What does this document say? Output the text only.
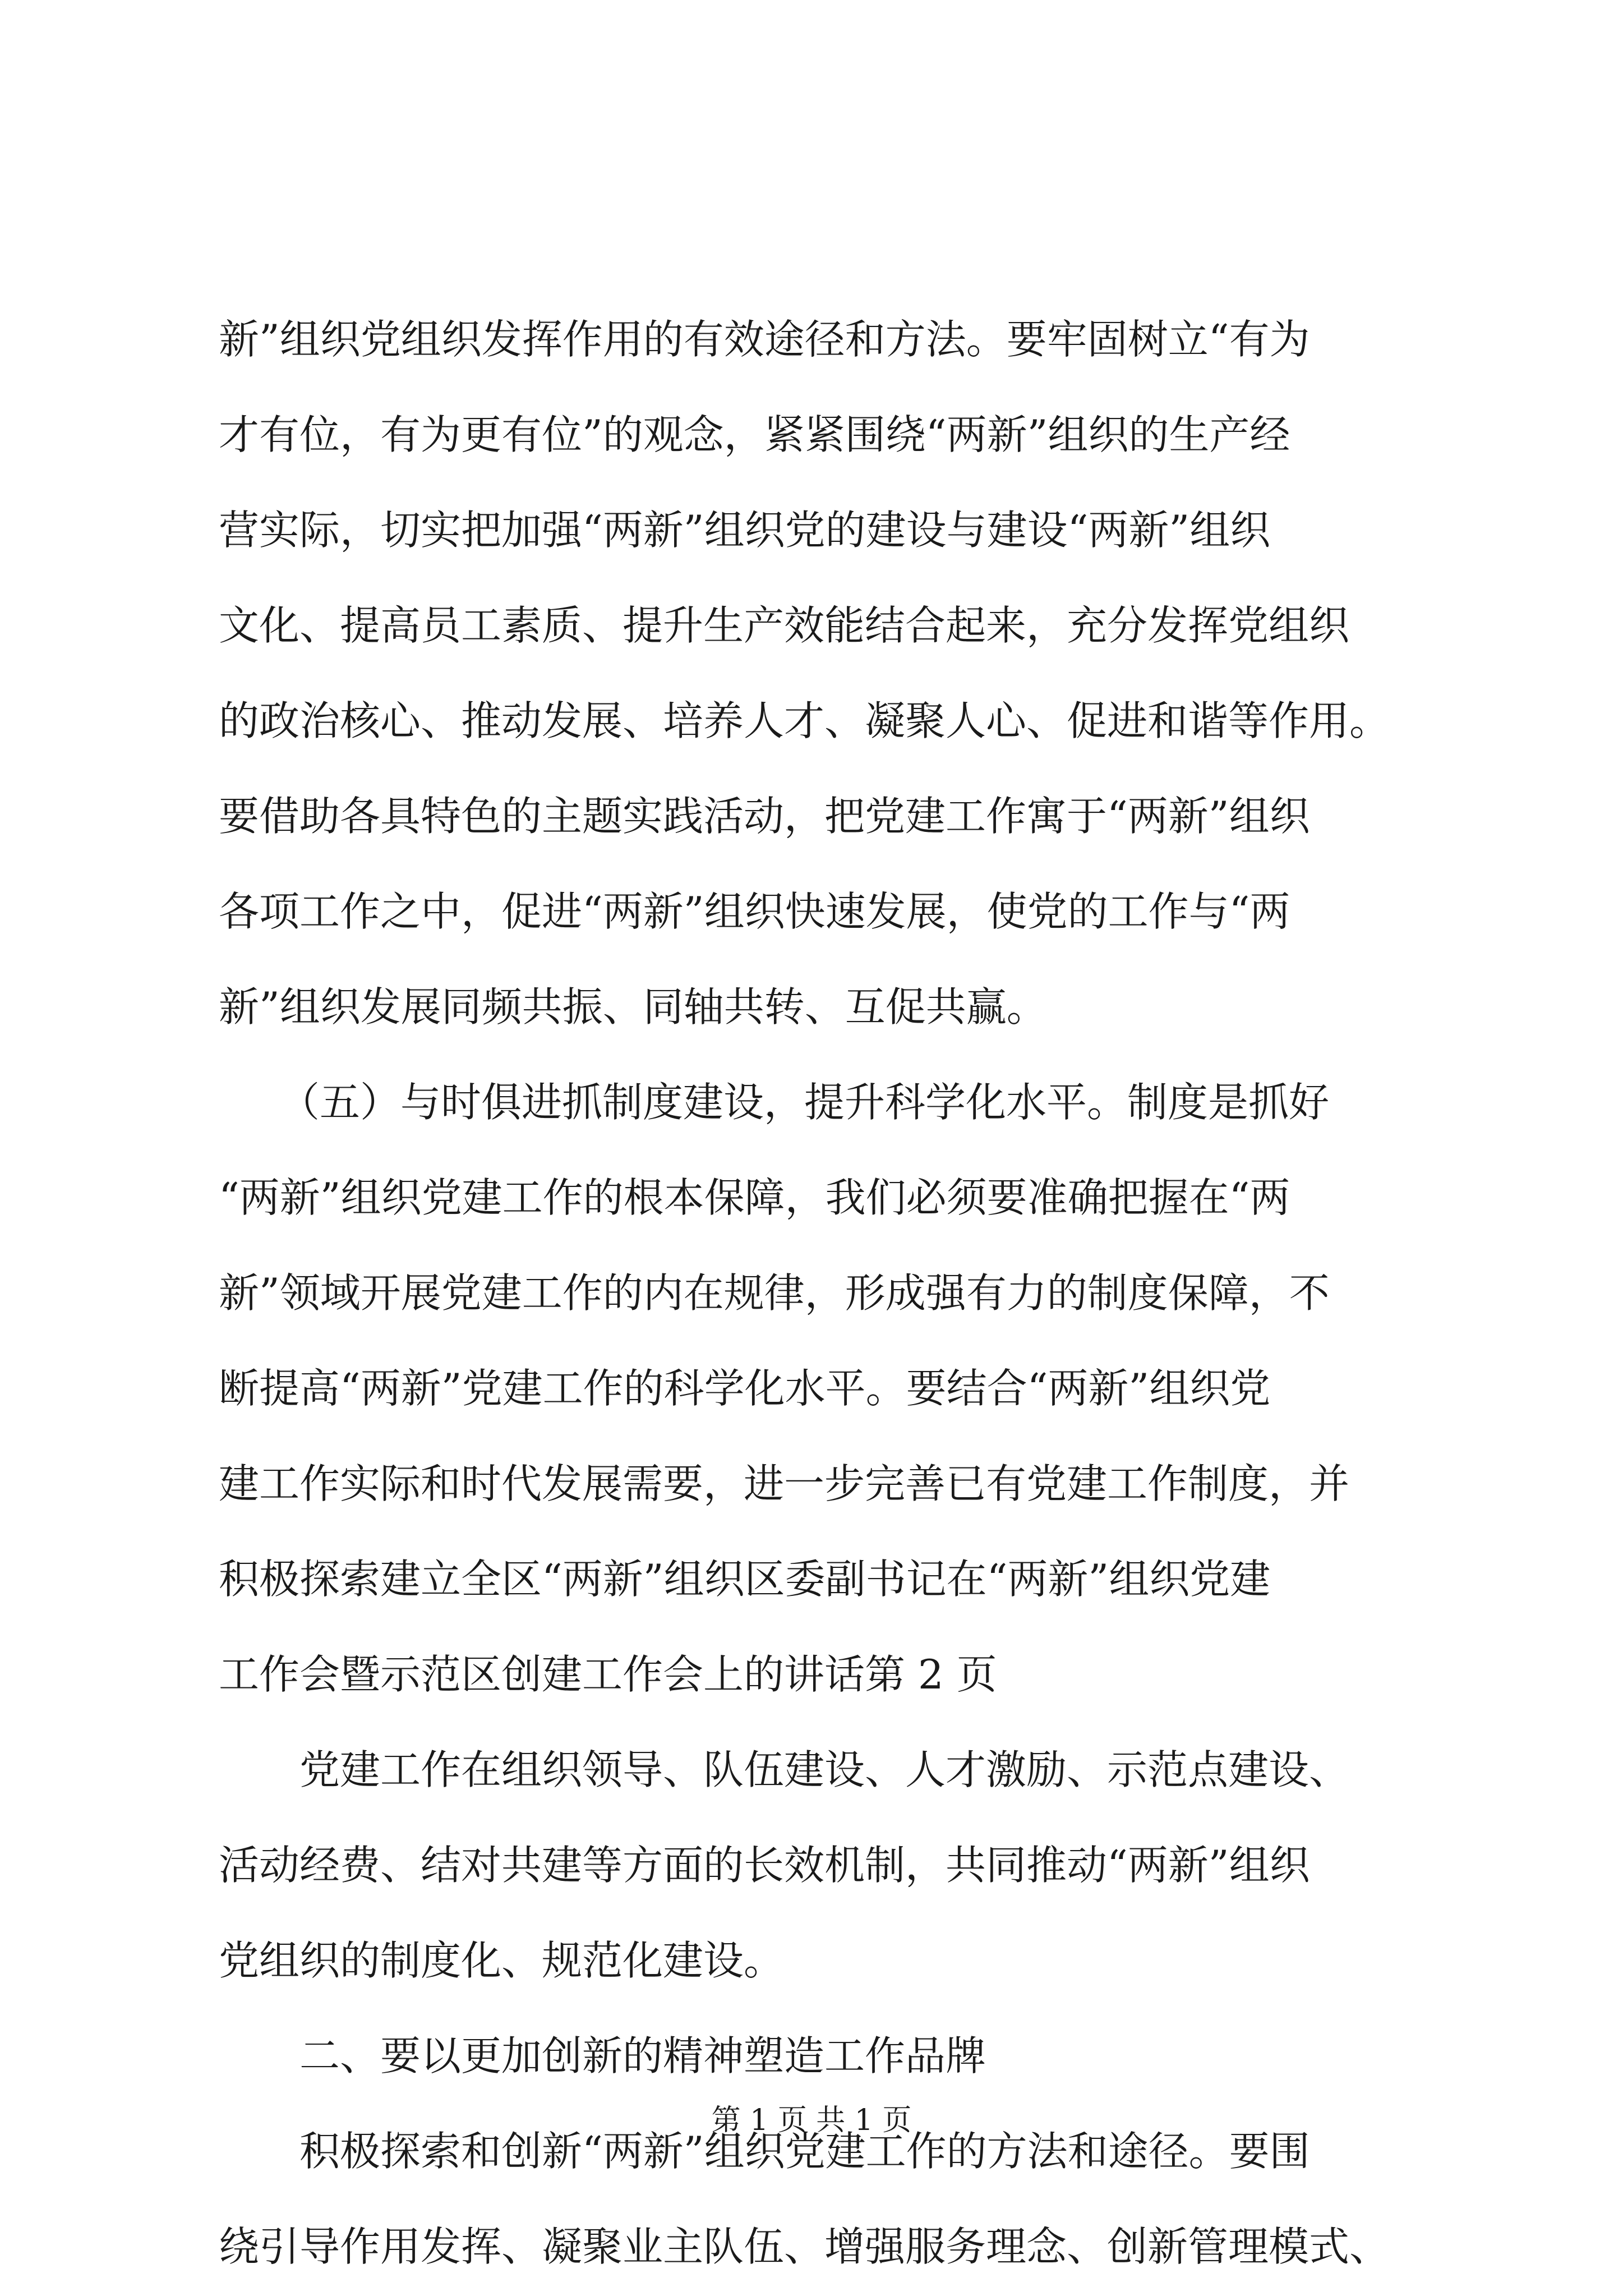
新”组织党组织发挥作用的有效途径和方法。要牢固树立“有为
才有位，有为更有位”的观念，紧紧围绕“两新”组织的生产经
营实际，切实把加强“两新”组织党的建设与建设“两新”组织
文化、提高员工素质、提升生产效能结合起来，充分发挥党组织
的政治核心、推动发展、培养人才、凝聚人心、促进和谐等作用。
要借助各具特色的主题实践活动，把党建工作寓于“两新”组织
各项工作之中，促进“两新”组织快速发展，使党的工作与“两
新”组织发展同频共振、同轴共转、互促共赢。
　　（五）与时俱进抓制度建设，提升科学化水平。制度是抓好
“两新”组织党建工作的根本保障，我们必须要准确把握在“两
新”领域开展党建工作的内在规律，形成强有力的制度保障，不
断提高“两新”党建工作的科学化水平。要结合“两新”组织党
建工作实际和时代发展需要，进一步完善已有党建工作制度，并
积极探索建立全区“两新”组织区委副书记在“两新”组织党建
工作会暨示范区创建工作会上的讲话第 2 页
　　党建工作在组织领导、队伍建设、人才激励、示范点建设、
活动经费、结对共建等方面的长效机制，共同推动“两新”组织
党组织的制度化、规范化建设。
　　二、要以更加创新的精神塑造工作品牌
　　积极探索和创新“两新”组织党建工作的方法和途径。要围
绕引导作用发挥、凝聚业主队伍、增强服务理念、创新管理模式、
第 1 页 共 1 页
